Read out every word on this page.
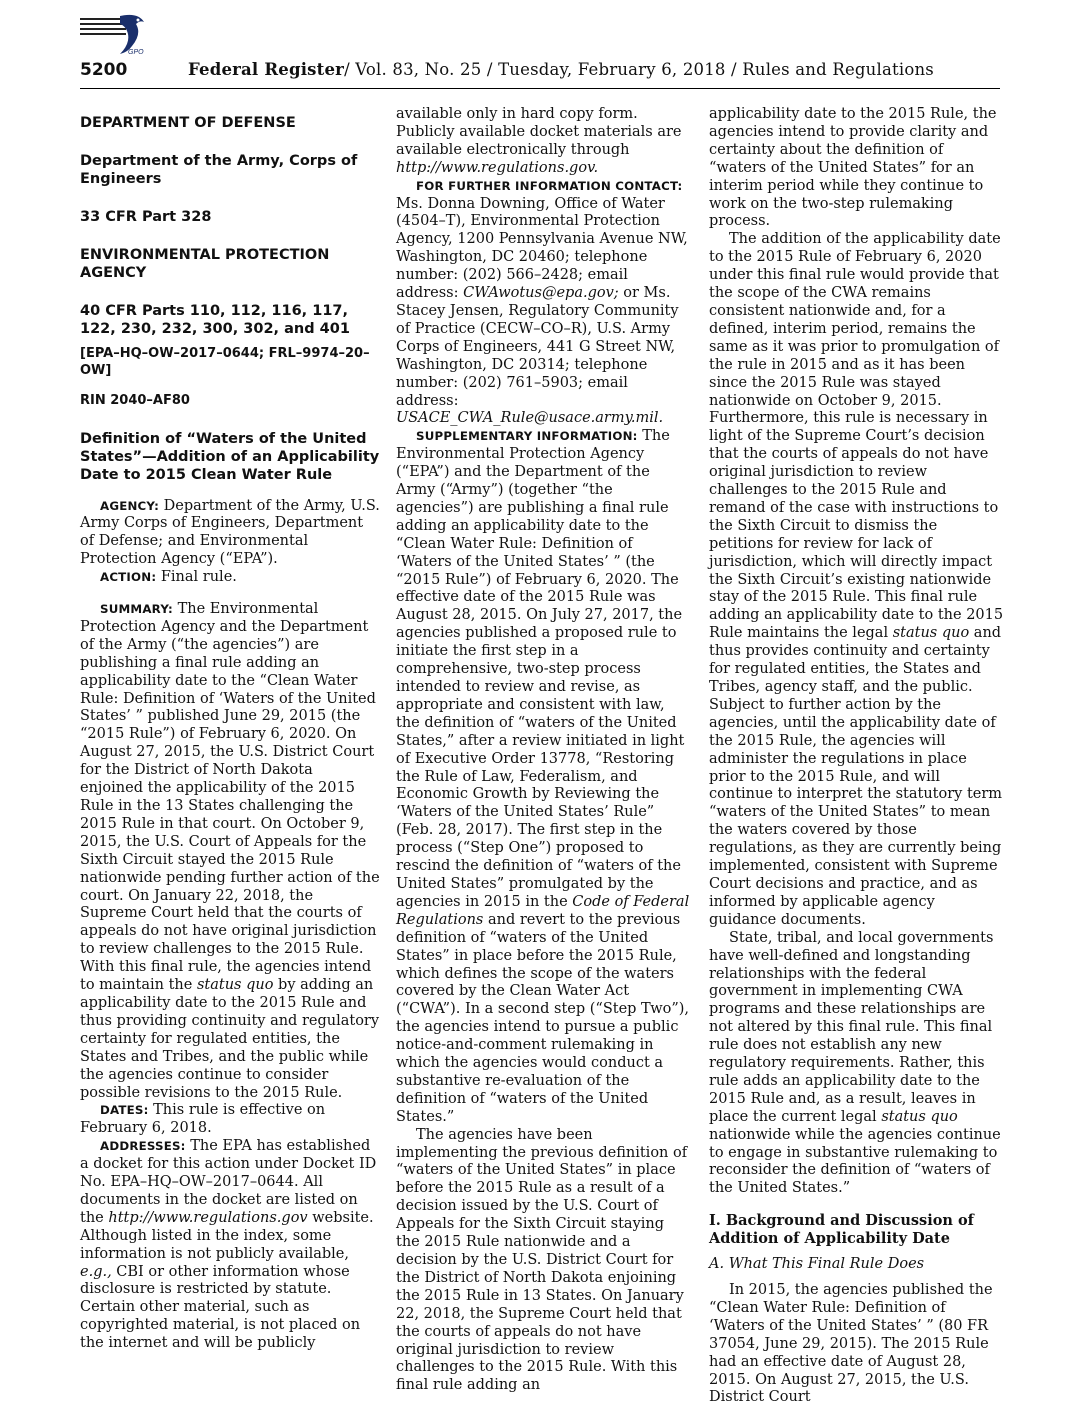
GPO
5200	Federal Register/ Vol. 83, No. 25 / Tuesday, February 6, 2018 / Rules and Regulations

DEPARTMENT OF DEFENSE

Department of the Army, Corps of Engineers

33 CFR Part 328

ENVIRONMENTAL PROTECTION AGENCY

40 CFR Parts 110, 112, 116, 117, 122, 230, 232, 300, 302, and 401

[EPA–HQ–OW–2017–0644; FRL–9974–20–OW]

RIN 2040–AF80

Definition of “Waters of the United States”—Addition of an Applicability Date to 2015 Clean Water Rule

AGENCY: Department of the Army, U.S. Army Corps of Engineers, Department of Defense; and Environmental Protection Agency (“EPA”).

ACTION: Final rule.

SUMMARY: The Environmental Protection Agency and the Department of the Army (“the agencies”) are publishing a final rule adding an applicability date to the “Clean Water Rule: Definition of ‘Waters of the United States’ ” published June 29, 2015 (the “2015 Rule”) of February 6, 2020. On August 27, 2015, the U.S. District Court for the District of North Dakota enjoined the applicability of the 2015 Rule in the 13 States challenging the 2015 Rule in that court. On October 9, 2015, the U.S. Court of Appeals for the Sixth Circuit stayed the 2015 Rule nationwide pending further action of the court. On January 22, 2018, the Supreme Court held that the courts of appeals do not have original jurisdiction to review challenges to the 2015 Rule. With this final rule, the agencies intend to maintain the status quo by adding an applicability date to the 2015 Rule and thus providing continuity and regulatory certainty for regulated entities, the States and Tribes, and the public while the agencies continue to consider possible revisions to the 2015 Rule.

DATES: This rule is effective on February 6, 2018.

ADDRESSES: The EPA has established a docket for this action under Docket ID No. EPA–HQ–OW–2017–0644. All documents in the docket are listed on the http://www.regulations.gov website. Although listed in the index, some information is not publicly available, e.g., CBI or other information whose disclosure is restricted by statute. Certain other material, such as copyrighted material, is not placed on the internet and will be publicly

available only in hard copy form. Publicly available docket materials are available electronically through http://www.regulations.gov.

FOR FURTHER INFORMATION CONTACT: Ms. Donna Downing, Office of Water (4504–T), Environmental Protection Agency, 1200 Pennsylvania Avenue NW, Washington, DC 20460; telephone number: (202) 566–2428; email address: CWAwotus@epa.gov; or Ms. Stacey Jensen, Regulatory Community of Practice (CECW–CO–R), U.S. Army Corps of Engineers, 441 G Street NW, Washington, DC 20314; telephone number: (202) 761–5903; email address: USACE_CWA_Rule@usace.army.mil.

SUPPLEMENTARY INFORMATION: The Environmental Protection Agency (“EPA”) and the Department of the Army (“Army”) (together “the agencies”) are publishing a final rule adding an applicability date to the “Clean Water Rule: Definition of ‘Waters of the United States’ ” (the “2015 Rule”) of February 6, 2020. The effective date of the 2015 Rule was August 28, 2015. On July 27, 2017, the agencies published a proposed rule to initiate the first step in a comprehensive, two-step process intended to review and revise, as appropriate and consistent with law, the definition of “waters of the United States,” after a review initiated in light of Executive Order 13778, “Restoring the Rule of Law, Federalism, and Economic Growth by Reviewing the ‘Waters of the United States’ Rule” (Feb. 28, 2017). The first step in the process (“Step One”) proposed to rescind the definition of “waters of the United States” promulgated by the agencies in 2015 in the Code of Federal Regulations and revert to the previous definition of “waters of the United States” in place before the 2015 Rule, which defines the scope of the waters covered by the Clean Water Act (“CWA”). In a second step (“Step Two”), the agencies intend to pursue a public notice-and-comment rulemaking in which the agencies would conduct a substantive re-evaluation of the definition of “waters of the United States.”

The agencies have been implementing the previous definition of “waters of the United States” in place before the 2015 Rule as a result of a decision issued by the U.S. Court of Appeals for the Sixth Circuit staying the 2015 Rule nationwide and a decision by the U.S. District Court for the District of North Dakota enjoining the 2015 Rule in 13 States. On January 22, 2018, the Supreme Court held that the courts of appeals do not have original jurisdiction to review challenges to the 2015 Rule. With this final rule adding an

applicability date to the 2015 Rule, the agencies intend to provide clarity and certainty about the definition of “waters of the United States” for an interim period while they continue to work on the two-step rulemaking process.

The addition of the applicability date to the 2015 Rule of February 6, 2020 under this final rule would provide that the scope of the CWA remains consistent nationwide and, for a defined, interim period, remains the same as it was prior to promulgation of the rule in 2015 and as it has been since the 2015 Rule was stayed nationwide on October 9, 2015. Furthermore, this rule is necessary in light of the Supreme Court’s decision that the courts of appeals do not have original jurisdiction to review challenges to the 2015 Rule and remand of the case with instructions to the Sixth Circuit to dismiss the petitions for review for lack of jurisdiction, which will directly impact the Sixth Circuit’s existing nationwide stay of the 2015 Rule. This final rule adding an applicability date to the 2015 Rule maintains the legal status quo and thus provides continuity and certainty for regulated entities, the States and Tribes, agency staff, and the public. Subject to further action by the agencies, until the applicability date of the 2015 Rule, the agencies will administer the regulations in place prior to the 2015 Rule, and will continue to interpret the statutory term “waters of the United States” to mean the waters covered by those regulations, as they are currently being implemented, consistent with Supreme Court decisions and practice, and as informed by applicable agency guidance documents.

State, tribal, and local governments have well-defined and longstanding relationships with the federal government in implementing CWA programs and these relationships are not altered by this final rule. This final rule does not establish any new regulatory requirements. Rather, this rule adds an applicability date to the 2015 Rule and, as a result, leaves in place the current legal status quo nationwide while the agencies continue to engage in substantive rulemaking to reconsider the definition of “waters of the United States.”

I. Background and Discussion of Addition of Applicability Date

A. What This Final Rule Does

In 2015, the agencies published the “Clean Water Rule: Definition of ‘Waters of the United States’ ” (80 FR 37054, June 29, 2015). The 2015 Rule had an effective date of August 28, 2015. On August 27, 2015, the U.S. District Court
